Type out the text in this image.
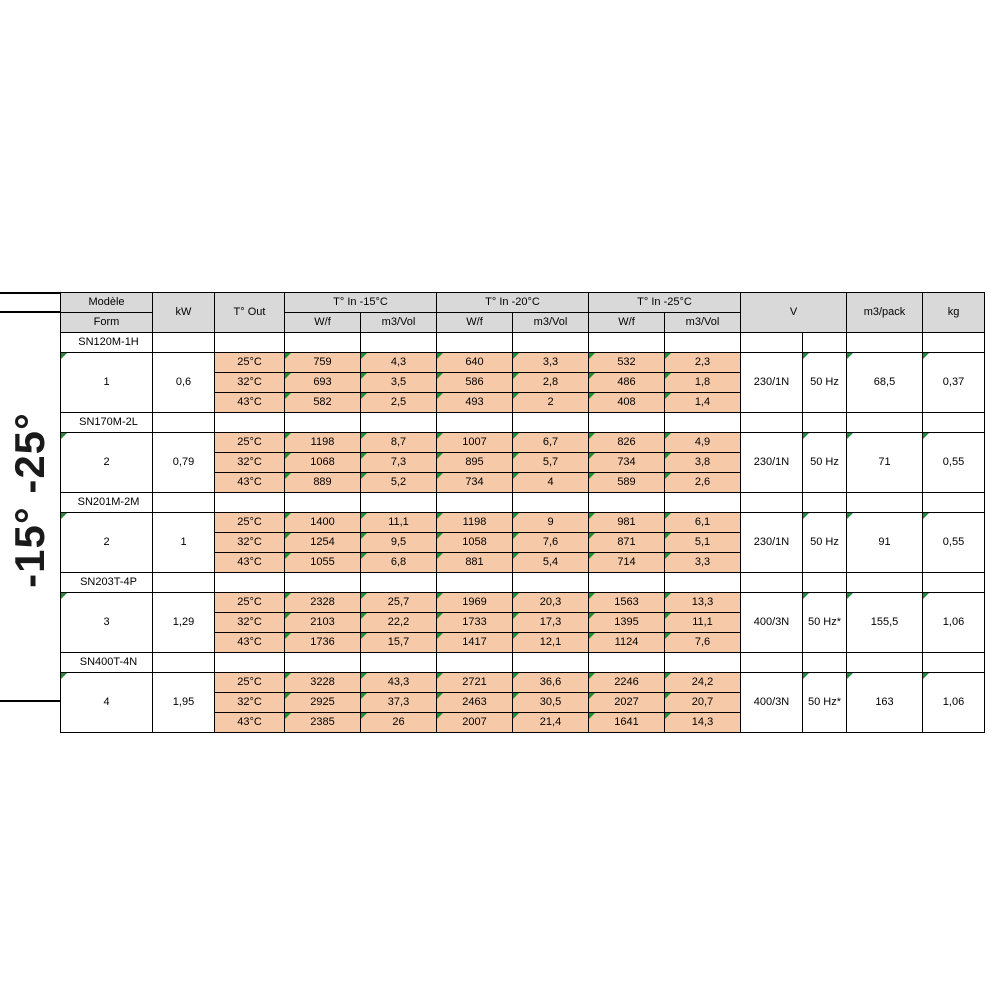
-15° -25°
Modèle	kW	T° Out	T° In -15°C		T° In -20°C		T° In -25°C		V		m3/pack	kg
Form			W/f	m3/Vol	W/f	m3/Vol	W/f	m3/Vol				
SN120M-1H												
1	0,6	25°C	759	4,3	640	3,3	532	2,3	230/1N	50 Hz	68,5	0,37
		32°C	693	3,5	586	2,8	486	1,8				
		43°C	582	2,5	493	2	408	1,4				
SN170M-2L												
2	0,79	25°C	1198	8,7	1007	6,7	826	4,9	230/1N	50 Hz	71	0,55
		32°C	1068	7,3	895	5,7	734	3,8				
		43°C	889	5,2	734	4	589	2,6				
SN201M-2M												
2	1	25°C	1400	11,1	1198	9	981	6,1	230/1N	50 Hz	91	0,55
		32°C	1254	9,5	1058	7,6	871	5,1				
		43°C	1055	6,8	881	5,4	714	3,3				
SN203T-4P												
3	1,29	25°C	2328	25,7	1969	20,3	1563	13,3	400/3N	50 Hz*	155,5	1,06
		32°C	2103	22,2	1733	17,3	1395	11,1				
		43°C	1736	15,7	1417	12,1	1124	7,6				
SN400T-4N												
4	1,95	25°C	3228	43,3	2721	36,6	2246	24,2	400/3N	50 Hz*	163	1,06
		32°C	2925	37,3	2463	30,5	2027	20,7				
		43°C	2385	26	2007	21,4	1641	14,3				
